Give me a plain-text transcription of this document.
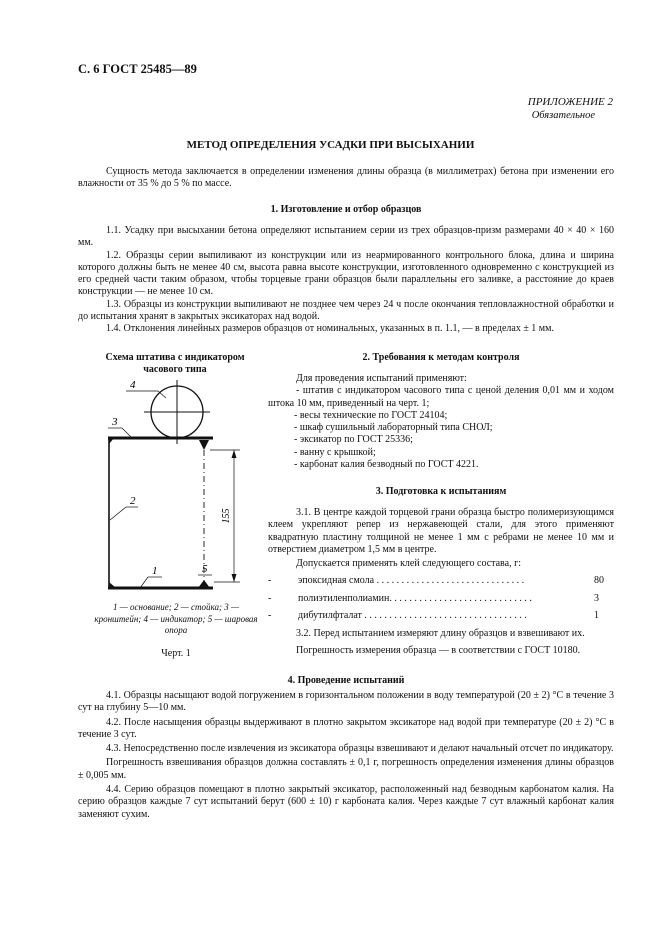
С. 6 ГОСТ 25485—89
ПРИЛОЖЕНИЕ 2
Обязательное
МЕТОД ОПРЕДЕЛЕНИЯ УСАДКИ ПРИ ВЫСЫХАНИИ

Сущность метода заключается в определении изменения длины образца (в миллиметрах) бетона при изменении его влажности от 35 % до 5 % по массе.

1. Изготовление и отбор образцов

1.1. Усадку при высыхании бетона определяют испытанием серии из трех образцов-призм размерами 40 × 40 × 160 мм.

1.2. Образцы серии выпиливают из конструкции или из неармированного контрольного блока, длина и ширина которого должны быть не менее 40 см, высота равна высоте конструкции, изготовленного одновременно с конструкцией из его средней части таким образом, чтобы торцевые грани образцов были параллельны его заливке, а расстояние до краев конструкции — не менее 10 см.

1.3. Образцы из конструкции выпиливают не позднее чем через 24 ч после окончания тепловлажностной обработки и до испытания хранят в закрытых эксикаторах над водой.

1.4. Отклонения линейных размеров образцов от номинальных, указанных в п. 1.1, — в пределах ± 1 мм.

Схема штатива с индикатором часового типа
155
4
3
2
1	5
1 — основание; 2 — стойка; 3 — кронштейн; 4 — индикатор; 5 — шаровая опора
Черт. 1
2. Требования к методам контроля

Для проведения испытаний применяют:

- штатив с индикатором часового типа с ценой деления 0,01 мм и ходом штока 10 мм, приведенный на черт. 1;

- весы технические по ГОСТ 24104;
- шкаф сушильный лабораторный типа СНОЛ;
- эксикатор по ГОСТ 25336;
- ванну с крышкой;
- карбонат калия безводный по ГОСТ 4221.
3. Подготовка к испытаниям

3.1. В центре каждой торцевой грани образца быстро полимеризующимся клеем укрепляют репер из нержавеющей стали, для этого применяют квадратную пластину толщиной не менее 1 мм с ребрами не менее 10 мм и отверстием диаметром 1,5 мм в центре.

Допускается применять клей следующего состава, г:

-	эпоксидная смола . . . . . . . . . . . . . . . . . . . . . . . . . . . . . .	80
-	полиэтиленполиамин. . . . . . . . . . . . . . . . . . . . . . . . . . . . .	3
-	дибутилфталат . . . . . . . . . . . . . . . . . . . . . . . . . . . . . . . . .	1

3.2. Перед испытанием измеряют длину образцов и взвешивают их.

Погрешность измерения образца — в соответствии с ГОСТ 10180.

4. Проведение испытаний

4.1. Образцы насыщают водой погружением в горизонтальном положении в воду температурой (20 ± 2) °С в течение 3 сут на глубину 5—10 мм.

4.2. После насыщения образцы выдерживают в плотно закрытом эксикаторе над водой при температуре (20 ± 2) °С в течение 3 сут.

4.3. Непосредственно после извлечения из эксикатора образцы взвешивают и делают начальный отсчет по индикатору.

Погрешность взвешивания образцов должна составлять ± 0,1 г, погрешность определения изменения длины образцов ± 0,005 мм.

4.4. Серию образцов помещают в плотно закрытый эксикатор, расположенный над безводным карбонатом калия. На серию образцов каждые 7 сут испытаний берут (600 ± 10) г карбоната калия. Через каждые 7 сут влажный карбонат калия заменяют сухим.
